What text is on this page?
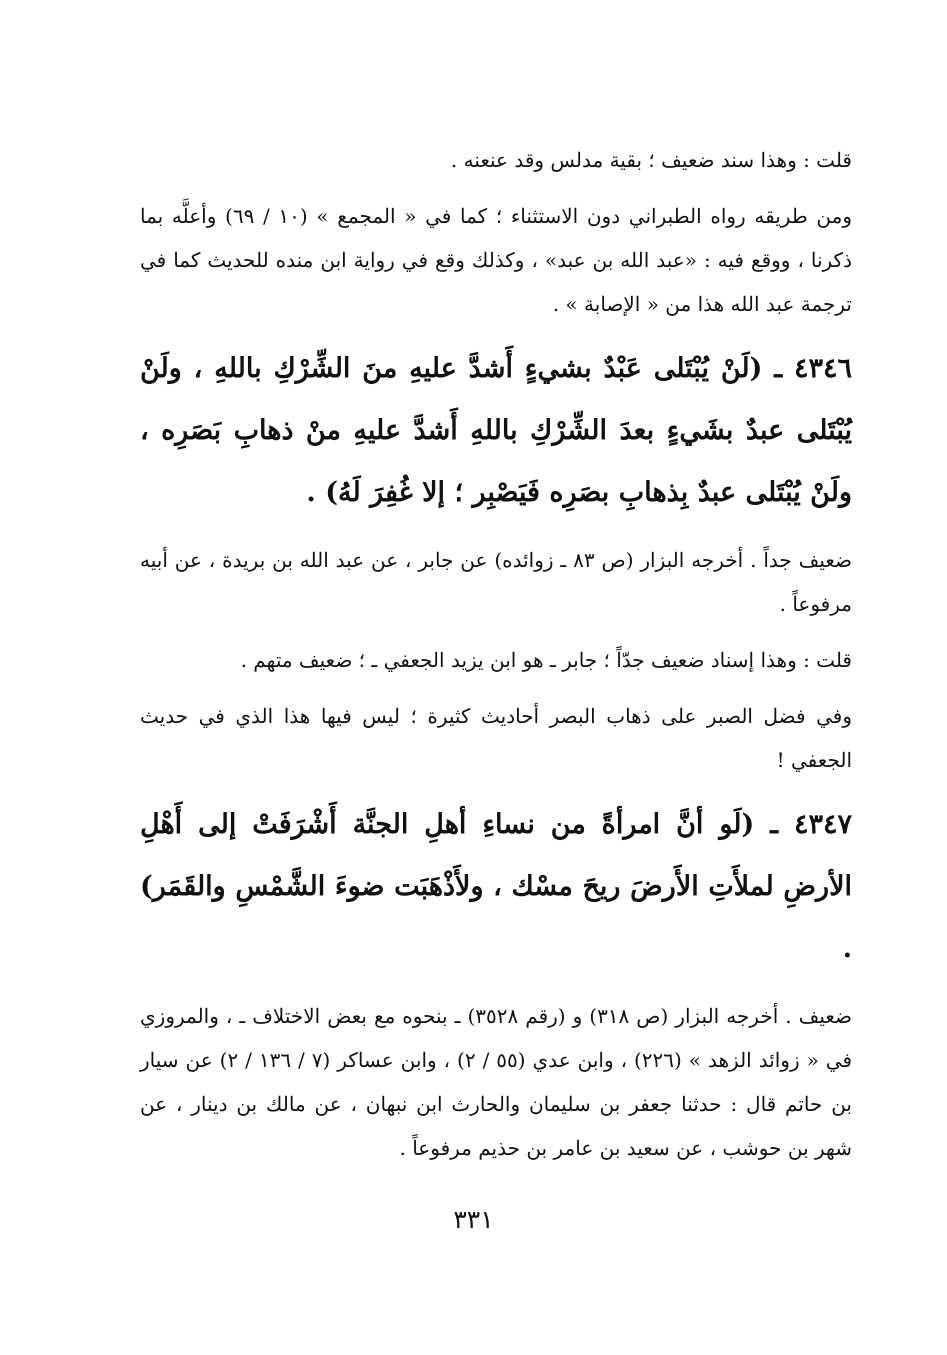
قلت : وهذا سند ضعيف ؛ بقية مدلس وقد عنعنه .

ومن طريقه رواه الطبراني دون الاستثناء ؛ كما في « المجمع » (١٠ / ٦٩) وأعلَّه بما ذكرنا ، ووقع فيه : «عبد الله بن عبد» ، وكذلك وقع في رواية ابن منده للحديث كما في ترجمة عبد الله هذا من « الإصابة » .

٤٣٤٦ ـ (لَنْ يُبْتَلى عَبْدٌ بشيءٍ أَشدَّ عليهِ منَ الشِّرْكِ باللهِ ، ولَنْ يُبْتَلى عبدٌ بشَيءٍ بعدَ الشِّرْكِ باللهِ أَشدَّ عليهِ منْ ذهابِ بَصَرِه ، ولَنْ يُبْتَلى عبدٌ بِذهابِ بصَرِه فَيَصْبِر ؛ إلا غُفِرَ لَهُ) .

ضعيف جداً . أخرجه البزار (ص ٨٣ ـ زوائده) عن جابر ، عن عبد الله بن بريدة ، عن أبيه مرفوعاً .

قلت : وهذا إسناد ضعيف جدّاً ؛ جابر ـ هو ابن يزيد الجعفي ـ ؛ ضعيف متهم .

وفي فضل الصبر على ذهاب البصر أحاديث كثيرة ؛ ليس فيها هذا الذي في حديث الجعفي !

٤٣٤٧ ـ (لَو أنَّ امرأةً من نساءِ أهلِ الجنَّة أَشْرَفَتْ إلى أَهْلِ الأرضِ لملأَتِ الأَرضَ ريحَ مسْك ، ولأَذْهَبَت ضوءَ الشَّمْسِ والقَمَر) .

ضعيف . أخرجه البزار (ص ٣١٨) و (رقم ٣٥٢٨) ـ بنحوه مع بعض الاختلاف ـ ، والمروزي في « زوائد الزهد » (٢٢٦) ، وابن عدي (٥٥ / ٢) ، وابن عساكر (٧ / ١٣٦ / ٢) عن سيار بن حاتم قال : حدثنا جعفر بن سليمان والحارث ابن نبهان ، عن مالك بن دينار ، عن شهر بن حوشب ، عن سعيد بن عامر بن حذيم مرفوعاً .

٣٣١
